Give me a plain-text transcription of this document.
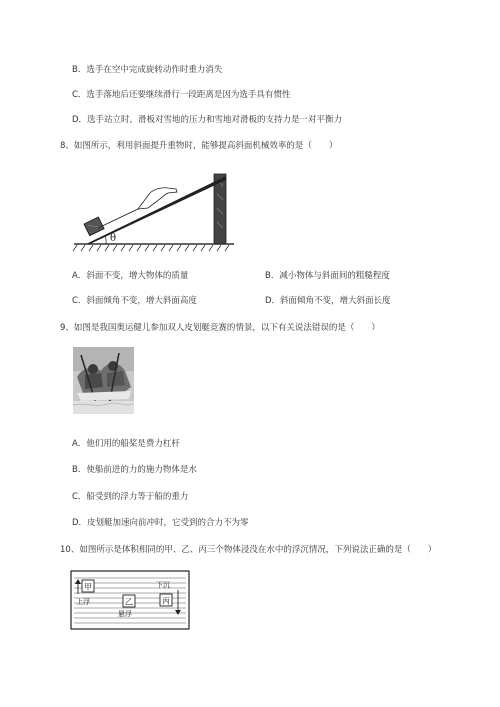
B．选手在空中完成旋转动作时重力消失
C．选手落地后还要继续滑行一段距离是因为选手具有惯性
D．选手站立时，滑板对雪地的压力和雪地对滑板的支持力是一对平衡力
8、如图所示，利用斜面提升重物时，能够提高斜面机械效率的是（　　）
θ
A．斜面不变，增大物体的质量	B．减小物体与斜面间的粗糙程度
C．斜面倾角不变，增大斜面高度	D．斜面倾角不变，增大斜面长度
9、如图是我国奥运健儿参加双人皮划艇竞赛的情景，以下有关说法错误的是（　　）
A．他们用的船桨是费力杠杆
B．使船前进的力的施力物体是水
C．船受到的浮力等于船的重力
D．皮划艇加速向前冲时，它受到的合力不为零
10、如图所示是体积相同的甲、乙、丙三个物体浸没在水中的浮沉情况，下列说法正确的是（　　）
甲
上浮	乙
悬浮
下沉
丙
